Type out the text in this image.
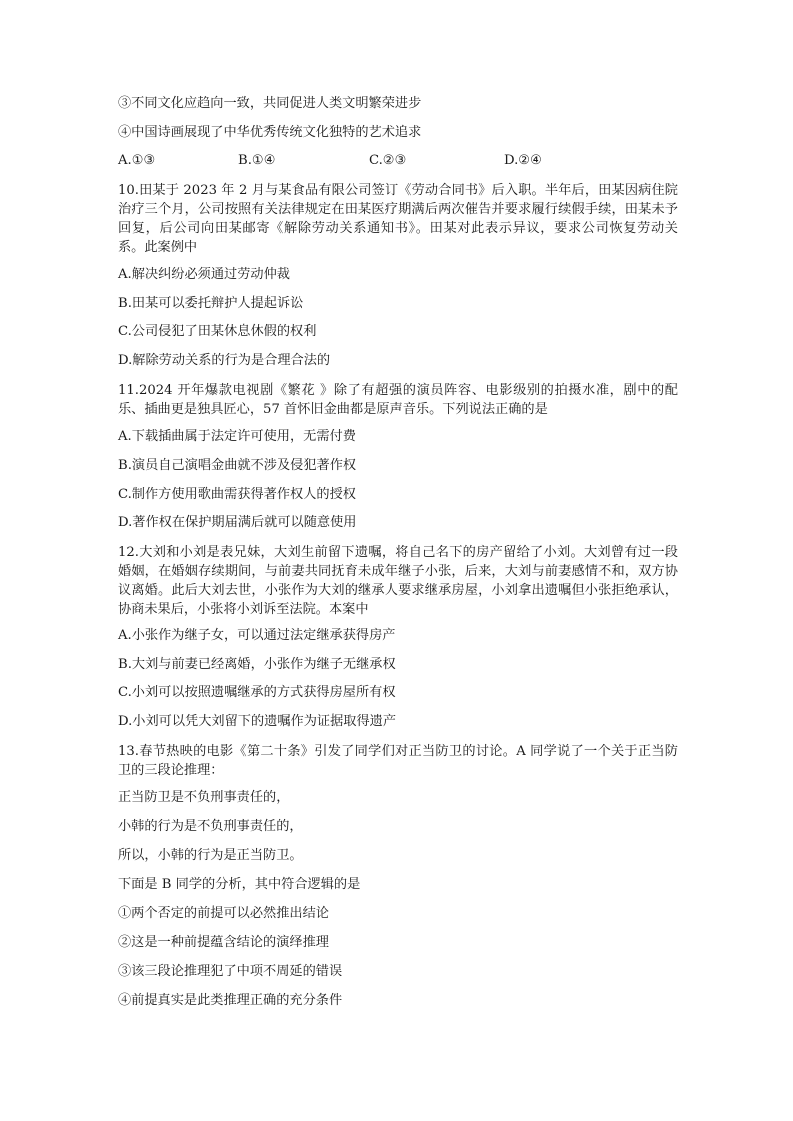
③不同文化应趋向一致，共同促进人类文明繁荣进步
④中国诗画展现了中华优秀传统文化独特的艺术追求
A.①③	B.①④	C.②③	D.②④
10.田某于 2023 年 2 月与某食品有限公司签订《劳动合同书》后入职。半年后，田某因病住院治疗三个月，公司按照有关法律规定在田某医疗期满后两次催告并要求履行续假手续，田某未予回复，后公司向田某邮寄《解除劳动关系通知书》。田某对此表示异议，要求公司恢复劳动关系。此案例中
A.解决纠纷必须通过劳动仲裁
B.田某可以委托辩护人提起诉讼
C.公司侵犯了田某休息休假的权利
D.解除劳动关系的行为是合理合法的
11.2024 开年爆款电视剧《繁花 》除了有超强的演员阵容、电影级别的拍摄水准，剧中的配乐、插曲更是独具匠心，57 首怀旧金曲都是原声音乐。下列说法正确的是
A.下载插曲属于法定许可使用，无需付费
B.演员自己演唱金曲就不涉及侵犯著作权
C.制作方使用歌曲需获得著作权人的授权
D.著作权在保护期届满后就可以随意使用
12.大刘和小刘是表兄妹，大刘生前留下遗嘱，将自己名下的房产留给了小刘。大刘曾有过一段婚姻，在婚姻存续期间，与前妻共同抚育未成年继子小张，后来，大刘与前妻感情不和，双方协议离婚。此后大刘去世，小张作为大刘的继承人要求继承房屋，小刘拿出遗嘱但小张拒绝承认，协商未果后，小张将小刘诉至法院。本案中
A.小张作为继子女，可以通过法定继承获得房产
B.大刘与前妻已经离婚，小张作为继子无继承权
C.小刘可以按照遗嘱继承的方式获得房屋所有权
D.小刘可以凭大刘留下的遗嘱作为证据取得遗产
13.春节热映的电影《第二十条》引发了同学们对正当防卫的讨论。A 同学说了一个关于正当防卫的三段论推理：
正当防卫是不负刑事责任的，
小韩的行为是不负刑事责任的，
所以，小韩的行为是正当防卫。
下面是 B 同学的分析，其中符合逻辑的是
①两个否定的前提可以必然推出结论
②这是一种前提蕴含结论的演绎推理
③该三段论推理犯了中项不周延的错误
④前提真实是此类推理正确的充分条件
